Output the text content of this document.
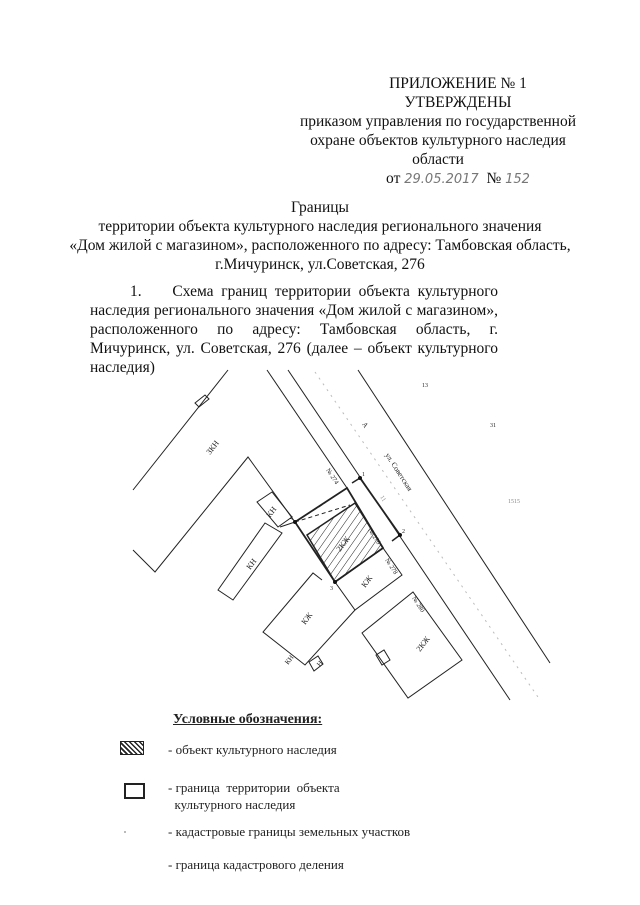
ПРИЛОЖЕНИЕ № 1
УТВЕРЖДЕНЫ
приказом управления по государственной
охране объектов культурного наследия области
от 29.05.2017 № 152
Границы
территории объекта культурного наследия регионального значения
«Дом жилой с магазином», расположенного по адресу: Тамбовская область,
г.Мичуринск, ул.Советская, 276
1. Схема границ территории объекта культурного наследия регионального значения «Дом жилой с магазином», расположенного по адресу: Тамбовская область, г. Мичуринск, ул. Советская, 276 (далее – объект культурного наследия)
ЗКН
КН
КН
2КЖ
КЖ
КЖ
2КЖ
Н
КН
ул. Советская
№ 274
№ 276
№ 278
№ 280
1
2
3
4
13
31
1515
А
11
Условные обозначения:
- объект культурного наследия
- граница  территории  объекта
культурного наследия
- кадастровые границы земельных участков
- граница кадастрового деления
